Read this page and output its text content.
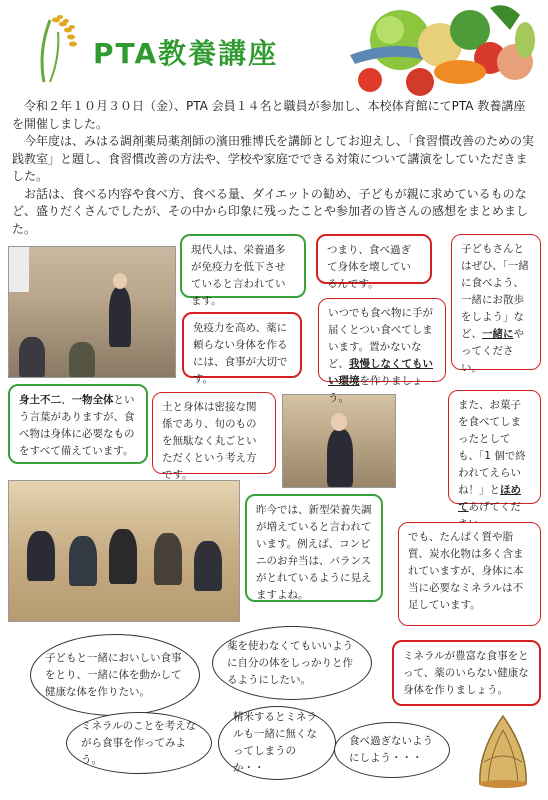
PTA教養講座

令和２年１０月３０日（金）、PTA 会員１４名と職員が参加し、本校体育館にてPTA 教養講座を開催しました。

今年度は、みはる調剤薬局薬剤師の濱田雅博氏を講師としてお迎えし、「食習慣改善のための実践教室」と題し、食習慣改善の方法や、学校や家庭でできる対策について講演をしていただきました。

お話は、食べる内容や食べ方、食べる量、ダイエットの勧め、子どもが親に求めているものなど、盛りだくさんでしたが、その中から印象に残ったことや参加者の皆さんの感想をまとめました。

現代人は、栄養過多が免疫力を低下させていると言われています。
身土不二、一物全体という言葉がありますが、食べ物は身体に必要なものをすべて備えています。
昨今では、新型栄養失調が増えていると言われています。例えば、コンビニのお弁当は、バランスがとれているように見えますよね。
つまり、食べ過ぎて身体を壊しているんです。
子どもさんとはぜひ、「一緒に食べよう、一緒にお散歩をしよう」など、一緒にやってください。
免疫力を高め、薬に頼らない身体を作るには、食事が大切です。
いつでも食べ物に手が届くとつい食べてしまいます。置かないなど、我慢しなくてもいい環境を作りましょう。
土と身体は密接な関係であり、旬のものを無駄なく丸ごといただくという考え方です。
また、お菓子を食べてしまったとしても、「1 個で終われてえらいね！」とほめてあげてくだ
でも、たんぱく質や脂質、炭水化物は多く含まれていますが、身体に本当に必要なミネラルは不足しています。
ミネラルが豊富な食事をとって、薬のいらない健康な身体を作りましょう。
子どもと一緒においしい食事をとり、一緒に体を動かして健康な体を作りたい。
薬を使わなくてもいいように自分の体をしっかりと作るようにしたい。
ミネラルのことを考えながら食事を作ってみよう。
精米するとミネラルも一緒に無くなってしまうのか・・
食べ過ぎないようにしよう・・・
